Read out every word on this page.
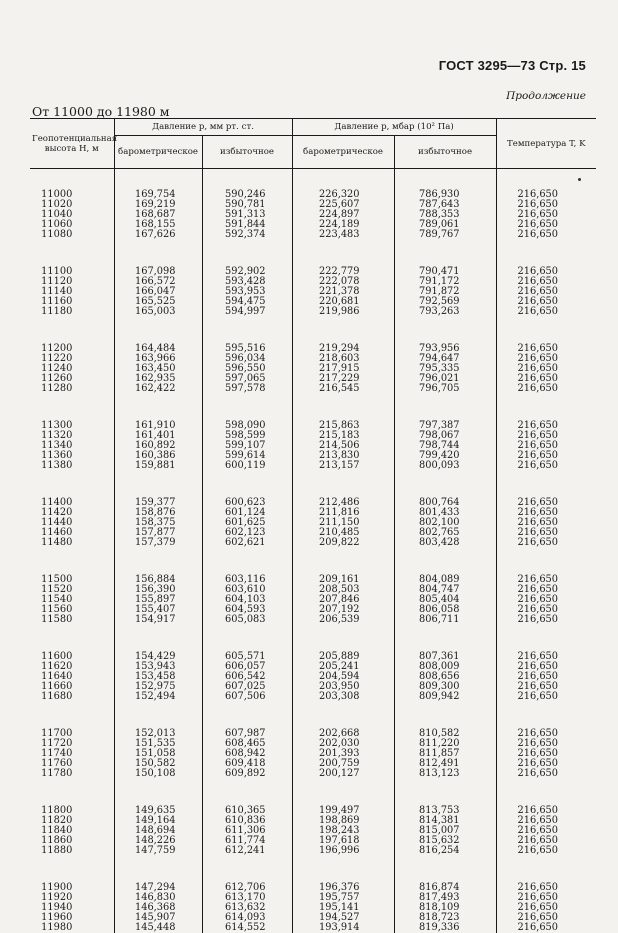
ГОСТ 3295—73 Стр. 15
Продолжение
От 11000 до 11980 м
Геопотенциальная высота H, м	Давление p, мм рт. ст.		Давление p, мбар (10² Па)		Температура T, K
	барометрическое	избыточное	барометрическое	избыточное	

11000	169,754	590,246	226,320	786,930	216,650
11020	169,219	590,781	225,607	787,643	216,650
11040	168,687	591,313	224,897	788,353	216,650
11060	168,155	591,844	224,189	789,061	216,650
11080	167,626	592,374	223,483	789,767	216,650

11100	167,098	592,902	222,779	790,471	216,650
11120	166,572	593,428	222,078	791,172	216,650
11140	166,047	593,953	221,378	791,872	216,650
11160	165,525	594,475	220,681	792,569	216,650
11180	165,003	594,997	219,986	793,263	216,650

11200	164,484	595,516	219,294	793,956	216,650
11220	163,966	596,034	218,603	794,647	216,650
11240	163,450	596,550	217,915	795,335	216,650
11260	162,935	597,065	217,229	796,021	216,650
11280	162,422	597,578	216,545	796,705	216,650

11300	161,910	598,090	215,863	797,387	216,650
11320	161,401	598,599	215,183	798,067	216,650
11340	160,892	599,107	214,506	798,744	216,650
11360	160,386	599,614	213,830	799,420	216,650
11380	159,881	600,119	213,157	800,093	216,650

11400	159,377	600,623	212,486	800,764	216,650
11420	158,876	601,124	211,816	801,433	216,650
11440	158,375	601,625	211,150	802,100	216,650
11460	157,877	602,123	210,485	802,765	216,650
11480	157,379	602,621	209,822	803,428	216,650

11500	156,884	603,116	209,161	804,089	216,650
11520	156,390	603,610	208,503	804,747	216,650
11540	155,897	604,103	207,846	805,404	216,650
11560	155,407	604,593	207,192	806,058	216,650
11580	154,917	605,083	206,539	806,711	216,650

11600	154,429	605,571	205,889	807,361	216,650
11620	153,943	606,057	205,241	808,009	216,650
11640	153,458	606,542	204,594	808,656	216,650
11660	152,975	607,025	203,950	809,300	216,650
11680	152,494	607,506	203,308	809,942	216,650

11700	152,013	607,987	202,668	810,582	216,650
11720	151,535	608,465	202,030	811,220	216,650
11740	151,058	608,942	201,393	811,857	216,650
11760	150,582	609,418	200,759	812,491	216,650
11780	150,108	609,892	200,127	813,123	216,650

11800	149,635	610,365	199,497	813,753	216,650
11820	149,164	610,836	198,869	814,381	216,650
11840	148,694	611,306	198,243	815,007	216,650
11860	148,226	611,774	197,618	815,632	216,650
11880	147,759	612,241	196,996	816,254	216,650

11900	147,294	612,706	196,376	816,874	216,650
11920	146,830	613,170	195,757	817,493	216,650
11940	146,368	613,632	195,141	818,109	216,650
11960	145,907	614,093	194,527	818,723	216,650
11980	145,448	614,552	193,914	819,336	216,650
